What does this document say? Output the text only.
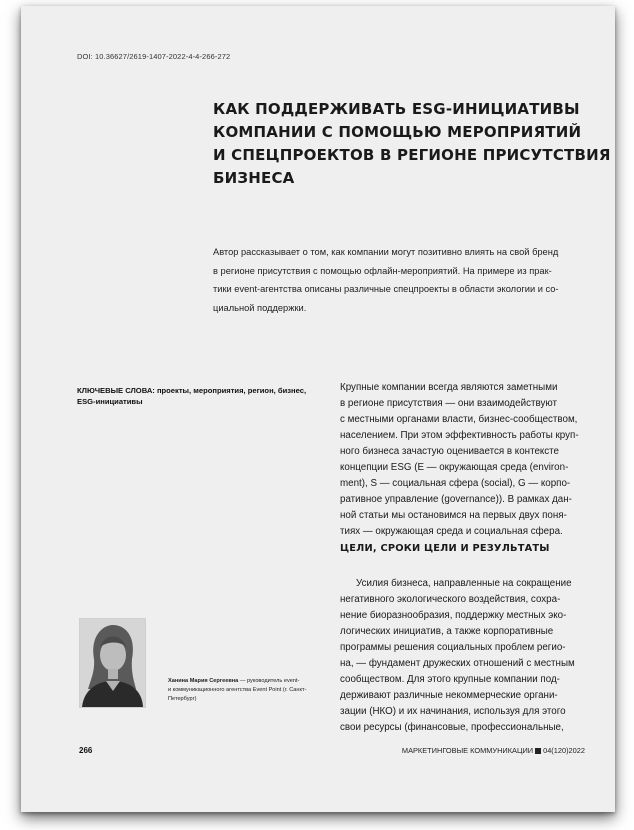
DOI: 10.36627/2619-1407-2022-4-4-266-272
КАК ПОДДЕРЖИВАТЬ ESG-ИНИЦИАТИВЫ
КОМПАНИИ С ПОМОЩЬЮ МЕРОПРИЯТИЙ
И СПЕЦПРОЕКТОВ В РЕГИОНЕ ПРИСУТСТВИЯ
БИЗНЕСА

Автор рассказывает о том, как компании могут позитивно влиять на свой бренд
в регионе присутствия с помощью офлайн-мероприятий. На примере из прак-
тики event-агентства описаны различные спецпроекты в области экологии и со-
циальной поддержки.

КЛЮЧЕВЫЕ СЛОВА: проекты, мероприятия, регион, бизнес,
ESG-инициативы

Крупные компании всегда являются заметными
в регионе присутствия — они взаимодействуют
с местными органами власти, бизнес-сообществом,
населением. При этом эффективность работы круп-
ного бизнеса зачастую оценивается в контексте
концепции ESG (E — окружающая среда (environ-
ment), S — социальная сфера (social), G — корпо-
ративное управление (governance)). В рамках дан-
ной статьи мы остановимся на первых двух поня-
тиях — окружающая среда и социальная сфера.

ЦЕЛИ, СРОКИ ЦЕЛИ И РЕЗУЛЬТАТЫ

Усилия бизнеса, направленные на сокращение
негативного экологического воздействия, сохра-
нение биоразнообразия, поддержку местных эко-
логических инициатив, а также корпоративные
программы решения социальных проблем регио-
на, — фундамент дружеских отношений с местным
сообществом. Для этого крупные компании под-
держивают различные некоммерческие органи-
зации (НКО) и их начинания, используя для этого
свои ресурсы (финансовые, профессиональные,

Ханина Мария Сергеевна — руководитель event-
и коммуникационного агентства Event Point (г. Санкт-
Петербург)

266	МАРКЕТИНГОВЫЕ КОММУНИКАЦИИ 04(120)2022
